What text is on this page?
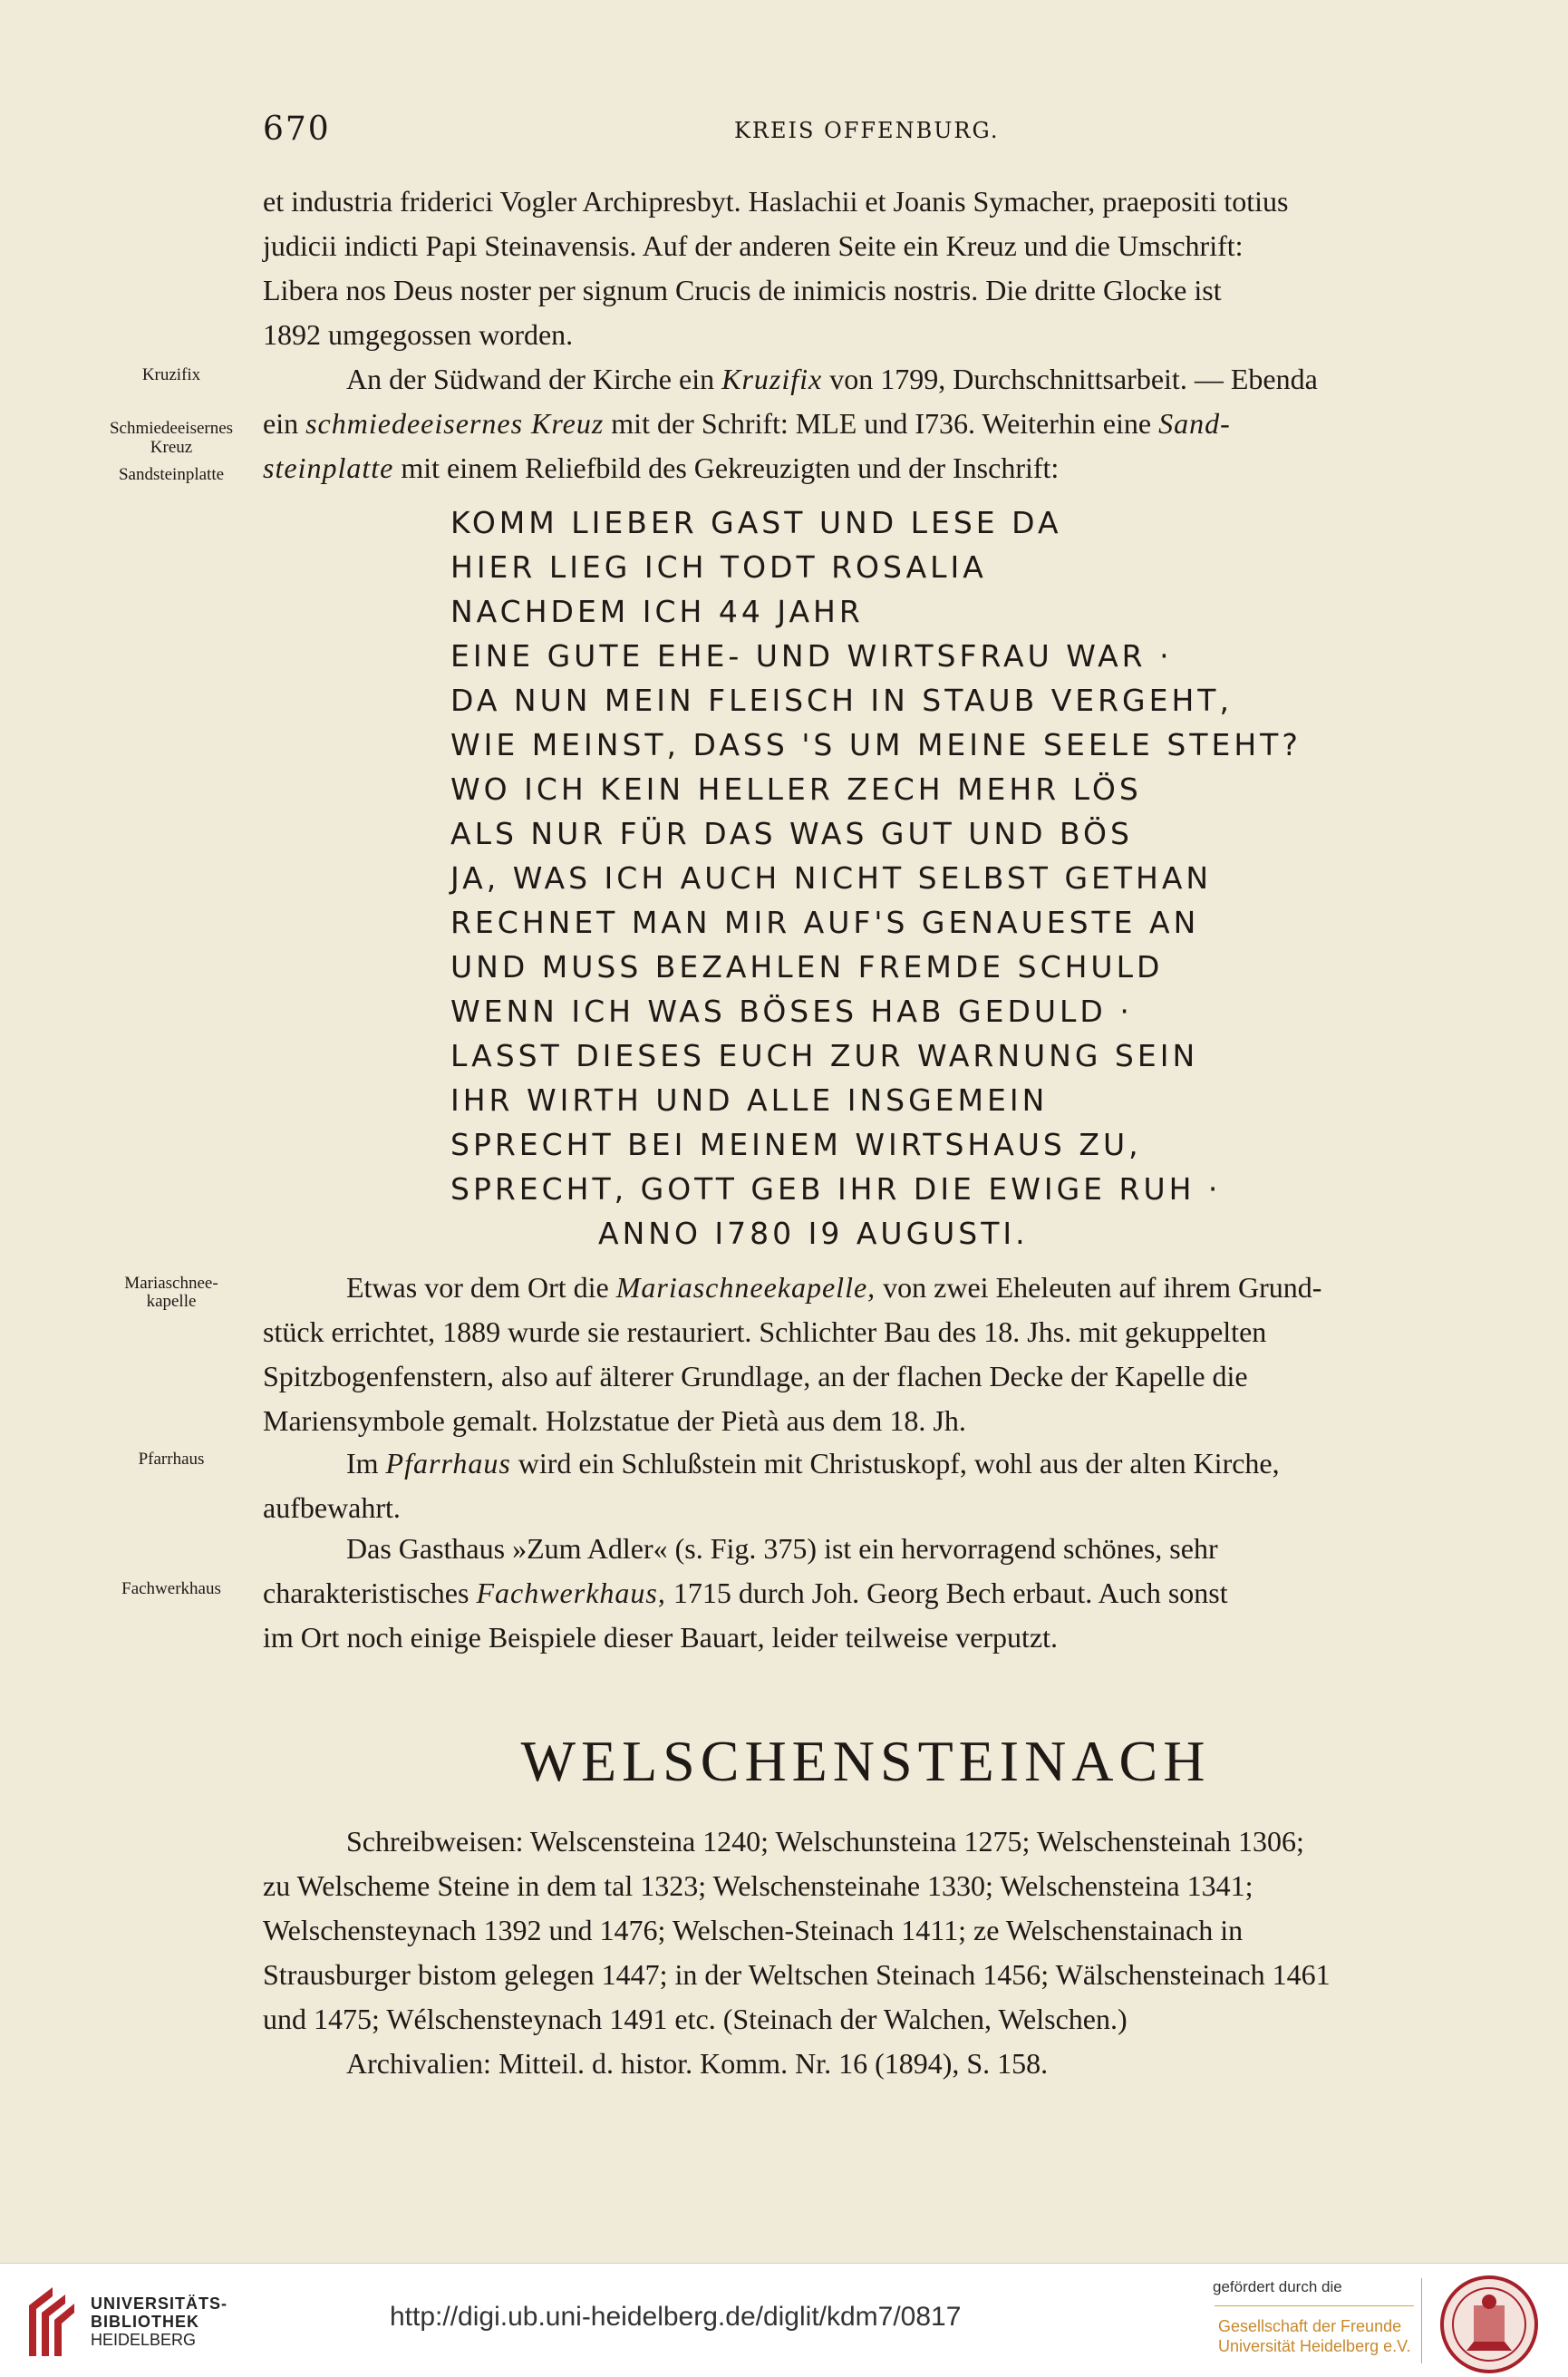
670	KREIS OFFENBURG.

et industria friderici Vogler Archipresbyt. Haslachii et Joanis Symacher, praepositi totius

judicii indicti Papi Steinavensis. Auf der anderen Seite ein Kreuz und die Umschrift:

Libera nos Deus noster per signum Crucis de inimicis nostris. Die dritte Glocke ist

1892 umgegossen worden.

Kruzifix
Schmiedeeisernes
Kreuz
Sandsteinplatte

An der Südwand der Kirche ein Kruzifix von 1799, Durchschnittsarbeit. — Ebenda

ein schmiedeeisernes Kreuz mit der Schrift: MLE und I736. Weiterhin eine Sand-

steinplatte mit einem Reliefbild des Gekreuzigten und der Inschrift:

KOMM LIEBER GAST UND LESE DA
HIER LIEG ICH TODT ROSALIA
NACHDEM ICH 44 JAHR
EINE GUTE EHE- UND WIRTSFRAU WAR ·
DA NUN MEIN FLEISCH IN STAUB VERGEHT,
WIE MEINST, DASS 'S UM MEINE SEELE STEHT?
WO ICH KEIN HELLER ZECH MEHR LÖS
ALS NUR FÜR DAS WAS GUT UND BÖS
JA, WAS ICH AUCH NICHT SELBST GETHAN
RECHNET MAN MIR AUF'S GENAUESTE AN
UND MUSS BEZAHLEN FREMDE SCHULD
WENN ICH WAS BÖSES HAB GEDULD ·
LASST DIESES EUCH ZUR WARNUNG SEIN
IHR WIRTH UND ALLE INSGEMEIN
SPRECHT BEI MEINEM WIRTSHAUS ZU,
SPRECHT, GOTT GEB IHR DIE EWIGE RUH ·
ANNO I780 I9 AUGUSTI.
Mariaschnee-
kapelle	Etwas vor dem Ort die Mariaschneekapelle, von zwei Eheleuten auf ihrem Grund-

stück errichtet, 1889 wurde sie restauriert. Schlichter Bau des 18. Jhs. mit gekuppelten

Spitzbogenfenstern, also auf älterer Grundlage, an der flachen Decke der Kapelle die

Mariensymbole gemalt. Holzstatue der Pietà aus dem 18. Jh.

Pfarrhaus	Im Pfarrhaus wird ein Schlußstein mit Christuskopf, wohl aus der alten Kirche,

aufbewahrt.

Fachwerkhaus

Das Gasthaus »Zum Adler« (s. Fig. 375) ist ein hervorragend schönes, sehr

charakteristisches Fachwerkhaus, 1715 durch Joh. Georg Bech erbaut. Auch sonst

im Ort noch einige Beispiele dieser Bauart, leider teilweise verputzt.

WELSCHENSTEINACH

Schreibweisen: Welscensteina 1240; Welschunsteina 1275; Welschensteinah 1306;

zu Welscheme Steine in dem tal 1323; Welschensteinahe 1330; Welschensteina 1341;

Welschensteynach 1392 und 1476; Welschen-Steinach 1411; ze Welschenstainach in

Strausburger bistom gelegen 1447; in der Weltschen Steinach 1456; Wälschensteinach 1461

und 1475; Wélschensteynach 1491 etc. (Steinach der Walchen, Welschen.)

Archivalien: Mitteil. d. histor. Komm. Nr. 16 (1894), S. 158.

UNIVERSITÄTS-
BIBLIOTHEK
HEIDELBERG
http://digi.ub.uni-heidelberg.de/diglit/kdm7/0817
gefördert durch die
Gesellschaft der Freunde
Universität Heidelberg e.V.
